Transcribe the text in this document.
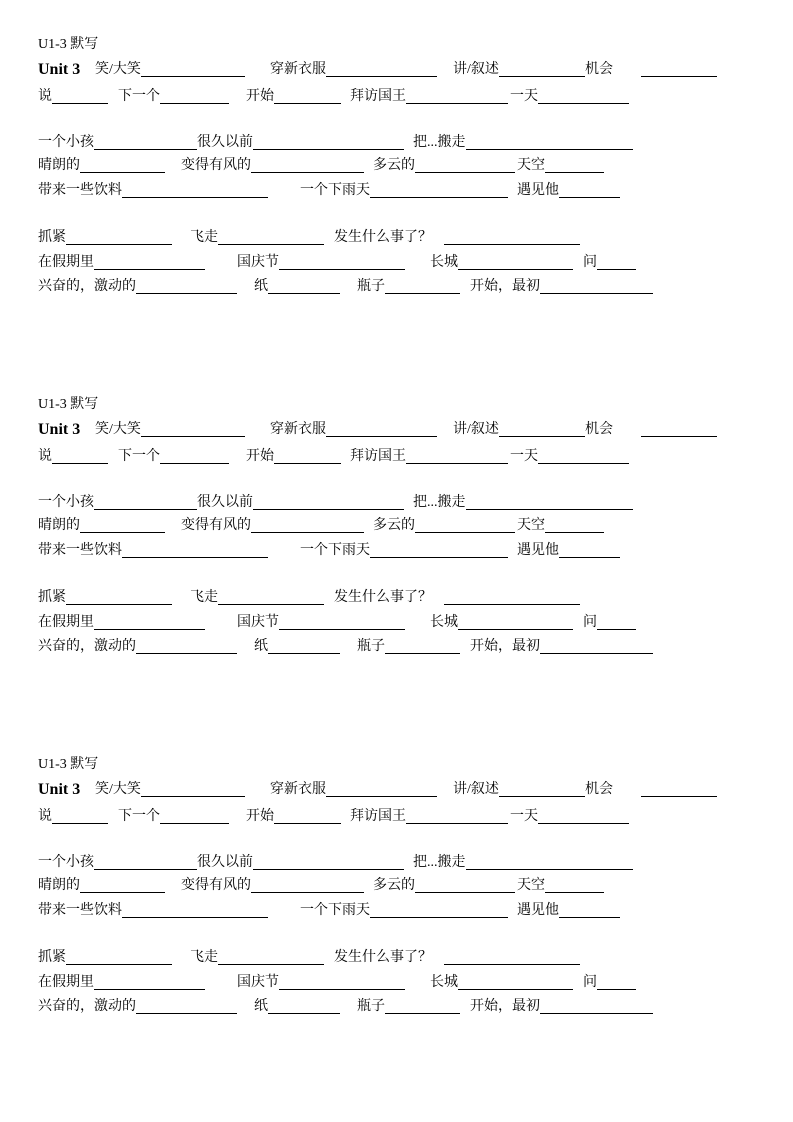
U1-3 默写
Unit 3 笑/大笑	穿新衣服	讲/叙述	机会
说	下一个	开始	拜访国王	一天
一个小孩	很久以前	把...搬走
晴朗的	变得有风的	多云的	天空
带来一些饮料	一个下雨天	遇见他
抓紧	飞走	发生什么事了？
在假期里	国庆节	长城	问
兴奋的，激动的	纸	瓶子	开始，最初
U1-3 默写
Unit 3 笑/大笑	穿新衣服	讲/叙述	机会
说	下一个	开始	拜访国王	一天
一个小孩	很久以前	把...搬走
晴朗的	变得有风的	多云的	天空
带来一些饮料	一个下雨天	遇见他
抓紧	飞走	发生什么事了？
在假期里	国庆节	长城	问
兴奋的，激动的	纸	瓶子	开始，最初
U1-3 默写
Unit 3 笑/大笑	穿新衣服	讲/叙述	机会
说	下一个	开始	拜访国王	一天
一个小孩	很久以前	把...搬走
晴朗的	变得有风的	多云的	天空
带来一些饮料	一个下雨天	遇见他
抓紧	飞走	发生什么事了？
在假期里	国庆节	长城	问
兴奋的，激动的	纸	瓶子	开始，最初
